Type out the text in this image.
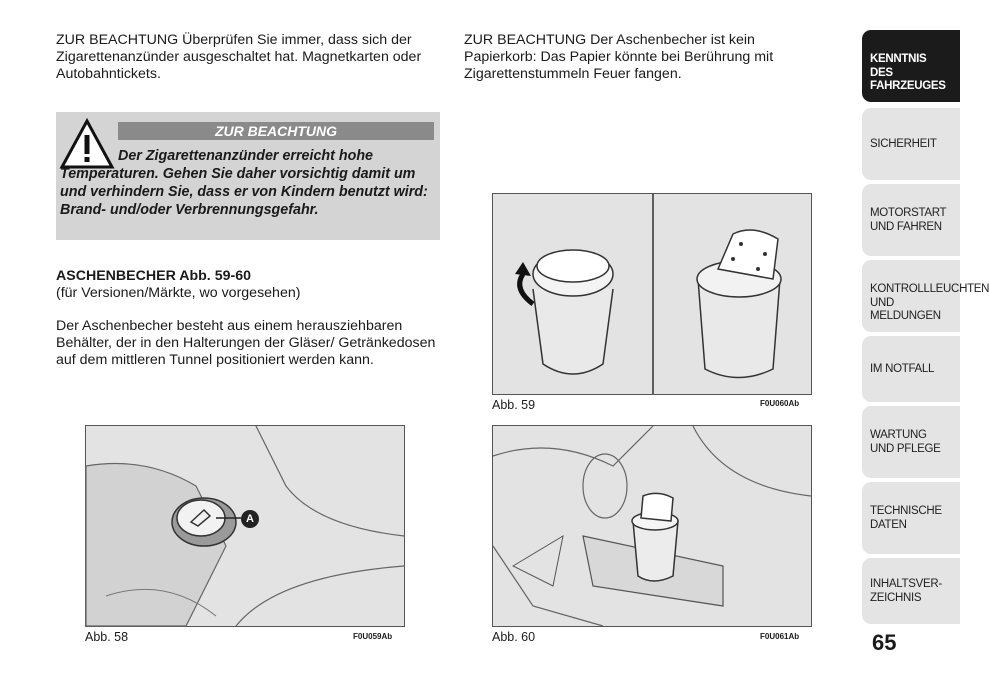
ZUR BEACHTUNG Überprüfen Sie immer, dass sich der Zigarettenanzünder ausgeschaltet hat. Magnetkarten oder Autobahntickets.
ZUR BEACHTUNG
Der Zigarettenanzünder erreicht hohe Temperaturen. Gehen Sie daher vorsichtig damit um und verhindern Sie, dass er von Kindern benutzt wird: Brand- und/oder Verbrennungsgefahr.
ASCHENBECHER Abb. 59-60
(für Versionen/Märkte, wo vorgesehen)
Der Aschenbecher besteht aus einem herausziehbaren Behälter, der in den Halterungen der Gläser/ Getränkedosen auf dem mittleren Tunnel positioniert werden kann.
A
Abb. 58	F0U059Ab
ZUR BEACHTUNG Der Aschenbecher ist kein Papierkorb: Das Papier könnte bei Berührung mit Zigarettenstummeln Feuer fangen.
Abb. 59	F0U060Ab
Abb. 60	F0U061Ab
KENNTNIS
DES FAHRZEUGES
SICHERHEIT
MOTORSTART
UND FAHREN
KONTROLLLEUCHTEN
UND MELDUNGEN
IM NOTFALL
WARTUNG
UND PFLEGE
TECHNISCHE
DATEN
INHALTSVER-
ZEICHNIS
65
